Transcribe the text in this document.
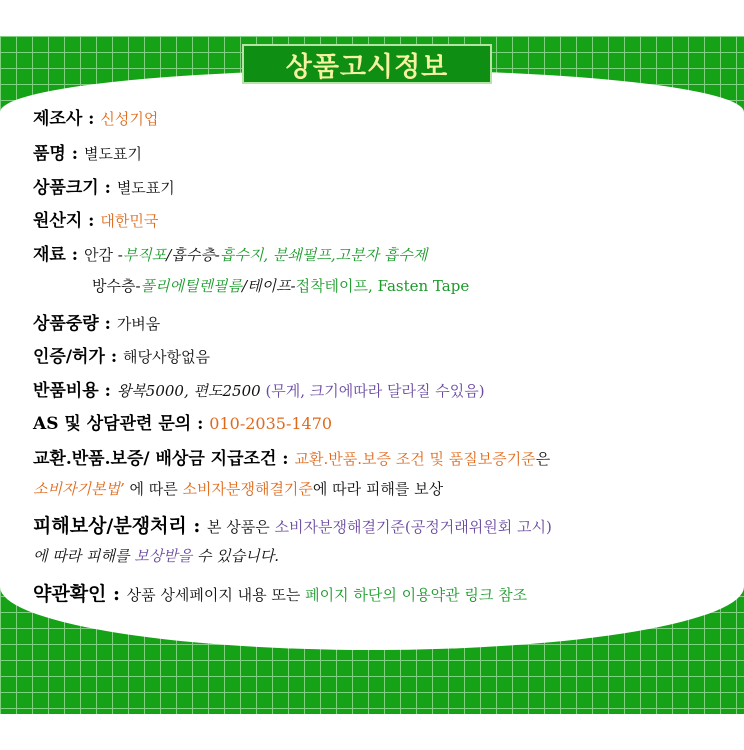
상품고시정보
제조사 : 신성기업
품명 : 별도표기
상품크기 : 별도표기
원산지 : 대한민국
재료 : 안감 -부직포/흡수층-흡수지, 분쇄펄프,고분자 흡수제
방수층-폴리에틸렌필름/테이프-접착테이프, Fasten Tape
상품중량 : 가벼움
인증/허가 : 해당사항없음
반품비용 : 왕복5000, 편도2500 (무게, 크기에따라 달라질 수있음)
AS 및 상담관련 문의 : 010-2035-1470
교환.반품.보증/ 배상금 지급조건 : 교환.반품.보증 조건 및 품질보증기준은
소비자기본법’ 에 따른 소비자분쟁해결기준에 따라 피해를 보상
피해보상/분쟁처리 : 본 상품은 소비자분쟁해결기준(공정거래위원회 고시)
에 따라 피해를 보상받을 수 있습니다.
약관확인 : 상품 상세페이지 내용 또는 페이지 하단의 이용약관 링크 참조
